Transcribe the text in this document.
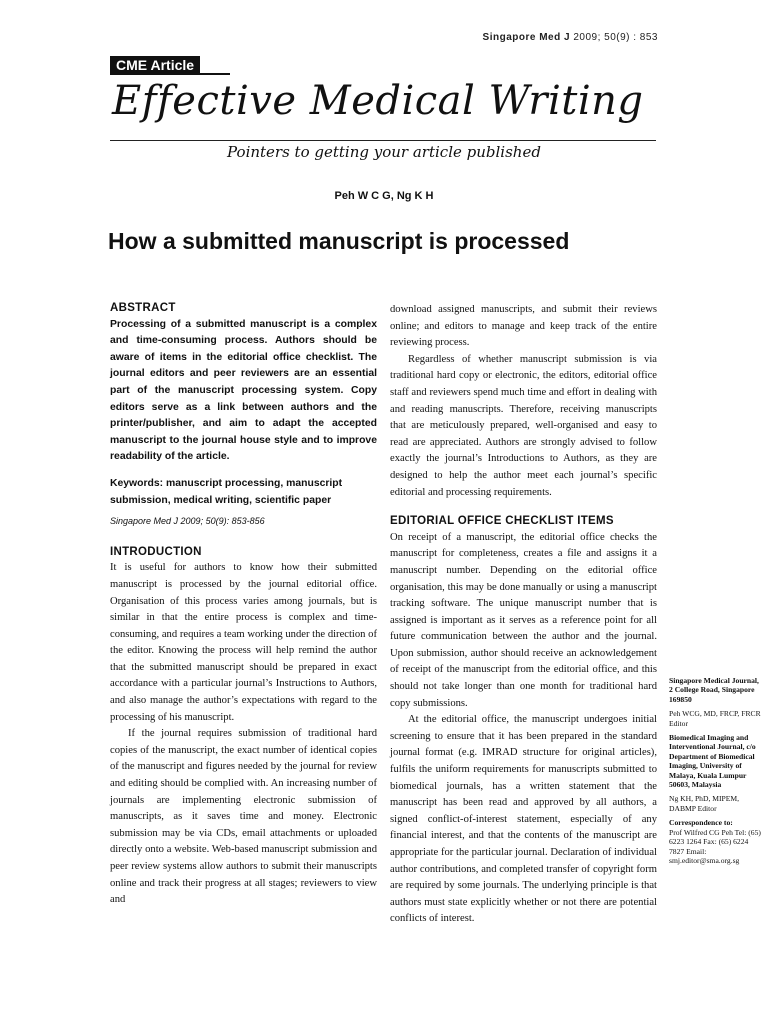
Singapore Med J 2009; 50(9) : 853
CME Article
Effective Medical Writing
Pointers to getting your article published
Peh W C G, Ng K H
How a submitted manuscript is processed

ABSTRACT

Processing of a submitted manuscript is a complex and time-consuming process. Authors should be aware of items in the editorial office checklist. The journal editors and peer reviewers are an essential part of the manuscript processing system. Copy editors serve as a link between authors and the printer/publisher, and aim to adapt the accepted manuscript to the journal house style and to improve readability of the article.

Keywords: manuscript processing, manuscript submission, medical writing, scientific paper

Singapore Med J 2009; 50(9): 853-856

INTRODUCTION

It is useful for authors to know how their submitted manuscript is processed by the journal editorial office. Organisation of this process varies among journals, but is similar in that the entire process is complex and time-consuming, and requires a team working under the direction of the editor. Knowing the process will help remind the author that the submitted manuscript should be prepared in exact accordance with a particular journal’s Instructions to Authors, and also manage the author’s expectations with regard to the processing of his manuscript.

If the journal requires submission of traditional hard copies of the manuscript, the exact number of identical copies of the manuscript and figures needed by the journal for review and editing should be complied with. An increasing number of journals are implementing electronic submission of manuscripts, as it saves time and money. Electronic submission may be via CDs, email attachments or uploaded directly onto a website. Web-based manuscript submission and peer review systems allow authors to submit their manuscripts online and track their progress at all stages; reviewers to view and

download assigned manuscripts, and submit their reviews online; and editors to manage and keep track of the entire reviewing process.

Regardless of whether manuscript submission is via traditional hard copy or electronic, the editors, editorial office staff and reviewers spend much time and effort in dealing with and reading manuscripts. Therefore, receiving manuscripts that are meticulously prepared, well-organised and easy to read are appreciated. Authors are strongly advised to follow exactly the journal’s Introductions to Authors, as they are designed to help the author meet each journal’s specific editorial and processing requirements.

EDITORIAL OFFICE CHECKLIST ITEMS

On receipt of a manuscript, the editorial office checks the manuscript for completeness, creates a file and assigns it a manuscript number. Depending on the editorial office organisation, this may be done manually or using a manuscript tracking software. The unique manuscript number that is assigned is important as it serves as a reference point for all future communication between the author and the journal. Upon submission, author should receive an acknowledgement of receipt of the manuscript from the editorial office, and this should not take longer than one month for traditional hard copy submissions.

At the editorial office, the manuscript undergoes initial screening to ensure that it has been prepared in the standard journal format (e.g. IMRAD structure for original articles), fulfils the uniform requirements for manuscripts submitted to biomedical journals, has a written statement that the manuscript has been read and approved by all authors, a signed conflict-of-interest statement, especially of any financial interest, and that the contents of the manuscript are appropriate for the particular journal. Declaration of individual author contributions, and completed transfer of copyright form are required by some journals. The underlying principle is that authors must state explicitly whether or not there are potential conflicts of interest.

Singapore Medical Journal, 2 College Road, Singapore 169850

Peh WCG, MD, FRCP, FRCR Editor

Biomedical Imaging and Interventional Journal, c/o Department of Biomedical Imaging, University of Malaya, Kuala Lumpur 50603, Malaysia

Ng KH, PhD, MIPEM, DABMP Editor

Correspondence to:

Prof Wilfred CG Peh Tel: (65) 6223 1264 Fax: (65) 6224 7827 Email: smj.editor@sma.org.sg
